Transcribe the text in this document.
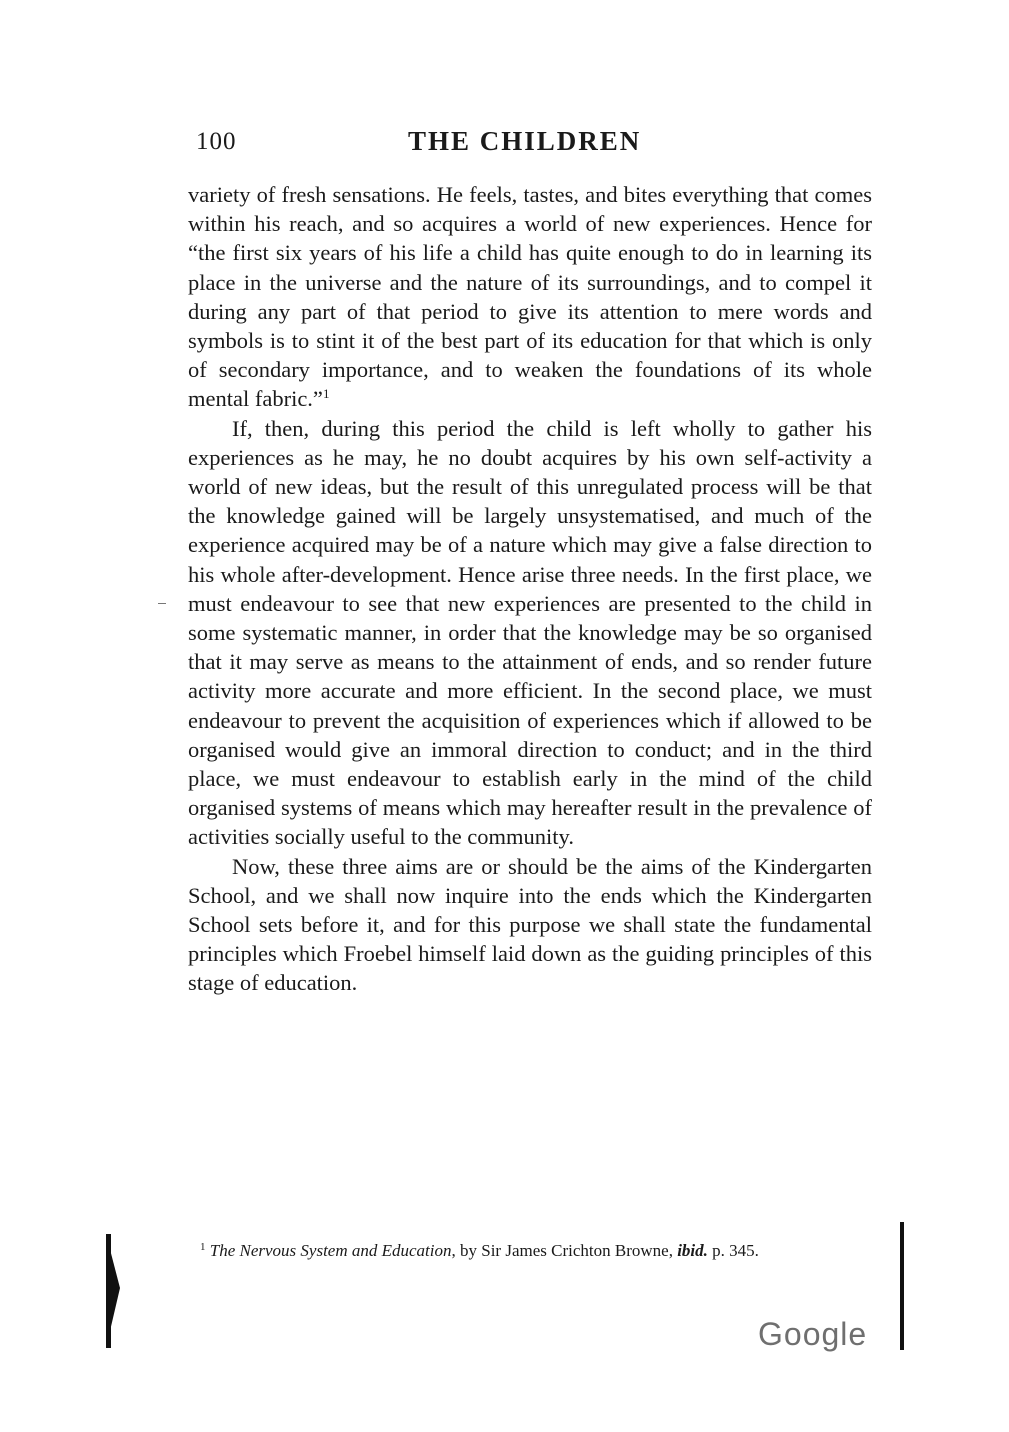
100	THE CHILDREN

variety of fresh sensations. He feels, tastes, and bites everything that comes within his reach, and so acquires a world of new experiences. Hence for “the first six years of his life a child has quite enough to do in learning its place in the universe and the nature of its surroundings, and to compel it during any part of that period to give its attention to mere words and symbols is to stint it of the best part of its education for that which is only of secondary importance, and to weaken the foundations of its whole mental fabric.”$^1$

If, then, during this period the child is left wholly to gather his experiences as he may, he no doubt acquires by his own self-activity a world of new ideas, but the result of this unregulated process will be that the knowledge gained will be largely unsystematised, and much of the experience acquired may be of a nature which may give a false direction to his whole after-development. Hence arise three needs. In the first place, we must endeavour to see that new experiences are presented to the child in some systematic manner, in order that the knowledge may be so organised that it may serve as means to the attainment of ends, and so render future activity more accurate and more efficient. In the second place, we must endeavour to prevent the acquisition of experiences which if allowed to be organised would give an immoral direction to conduct; and in the third place, we must endeavour to establish early in the mind of the child organised systems of means which may hereafter result in the prevalence of activities socially useful to the community.

Now, these three aims are or should be the aims of the Kindergarten School, and we shall now inquire into the ends which the Kindergarten School sets before it, and for this purpose we shall state the fundamental principles which Froebel himself laid down as the guiding principles of this stage of education.

$^1$ The Nervous System and Education, by Sir James Crichton Browne, ibid. p. 345.

Google
